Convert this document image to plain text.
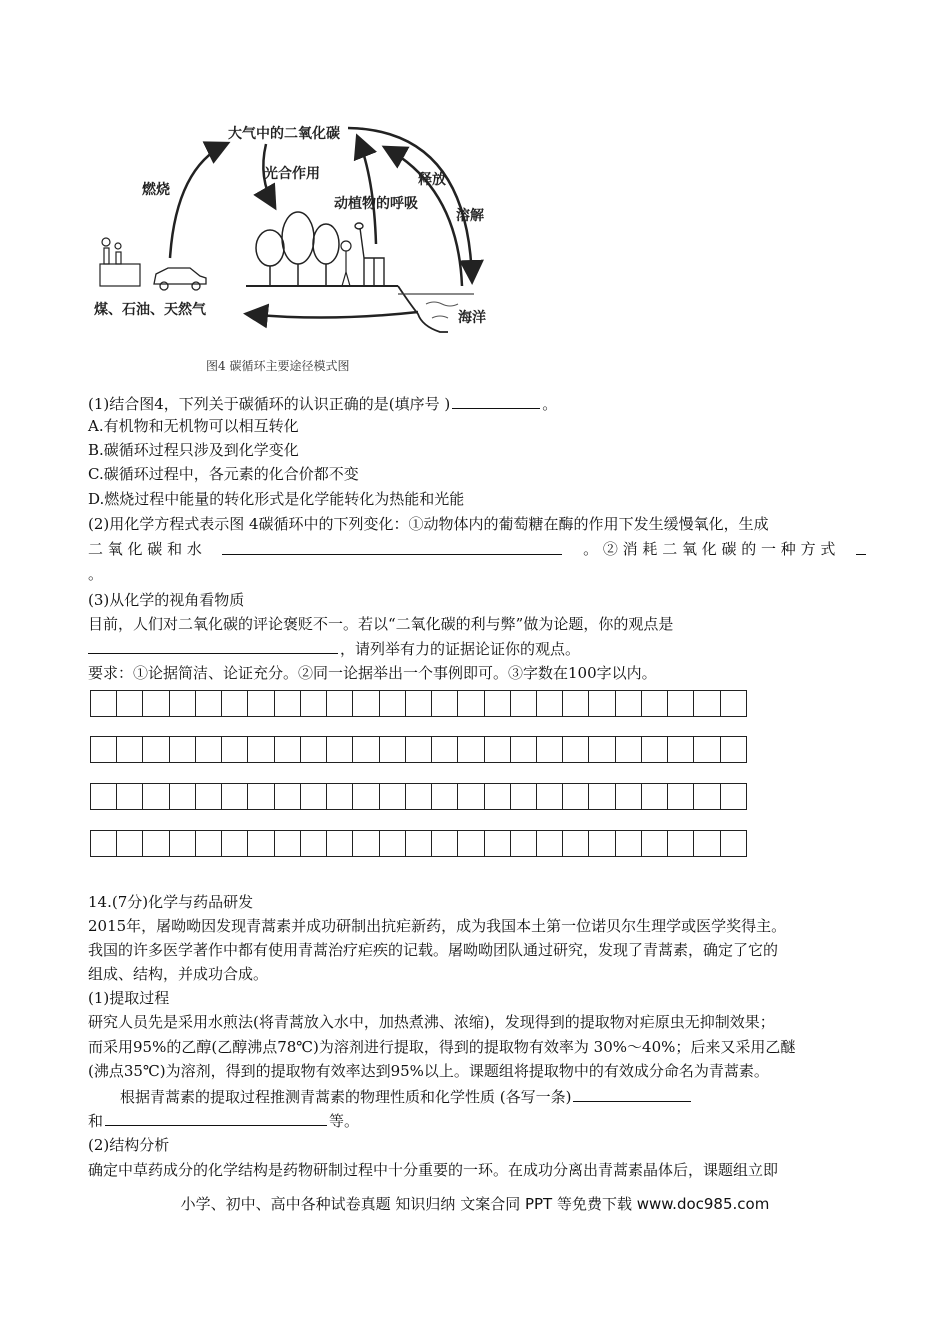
大气中的二氧化碳
燃烧
光合作用
动植物的呼吸
释放
溶解
煤、石油、天然气	海洋
图4 碳循环主要途径模式图
(1)结合图4，下列关于碳循环的认识正确的是(填序号 )	。
A.有机物和无机物可以相互转化
B.碳循环过程只涉及到化学变化
C.碳循环过程中，各元素的化合价都不变
D.燃烧过程中能量的转化形式是化学能转化为热能和光能
(2)用化学方程式表示图 4碳循环中的下列变化：①动物体内的葡萄糖在酶的作用下发生缓慢氧化，生成
二 氧 化 碳 和 水	。 ② 消 耗 二 氧 化 碳 的 一 种 方 式
。
(3)从化学的视角看物质
目前，人们对二氧化碳的评论褒贬不一。若以“二氧化碳的利与弊”做为论题，你的观点是
，请列举有力的证据论证你的观点。
要求：①论据简洁、论证充分。②同一论据举出一个事例即可。③字数在100字以内。
14.(7分)化学与药品研发
2015年，屠呦呦因发现青蒿素并成功研制出抗疟新药，成为我国本土第一位诺贝尔生理学或医学奖得主。
我国的许多医学著作中都有使用青蒿治疗疟疾的记载。屠呦呦团队通过研究，发现了青蒿素，确定了它的
组成、结构，并成功合成。
(1)提取过程
研究人员先是采用水煎法(将青蒿放入水中，加热煮沸、浓缩)，发现得到的提取物对疟原虫无抑制效果；
而采用95%的乙醇(乙醇沸点78℃)为溶剂进行提取，得到的提取物有效率为 30%～40%；后来又采用乙醚
(沸点35℃)为溶剂，得到的提取物有效率达到95%以上。课题组将提取物中的有效成分命名为青蒿素。
根据青蒿素的提取过程推测青蒿素的物理性质和化学性质 (各写一条)
和	等。
(2)结构分析
确定中草药成分的化学结构是药物研制过程中十分重要的一环。在成功分离出青蒿素晶体后，课题组立即
小学、初中、高中各种试卷真题 知识归纳 文案合同 PPT 等免费下载 www.doc985.com
